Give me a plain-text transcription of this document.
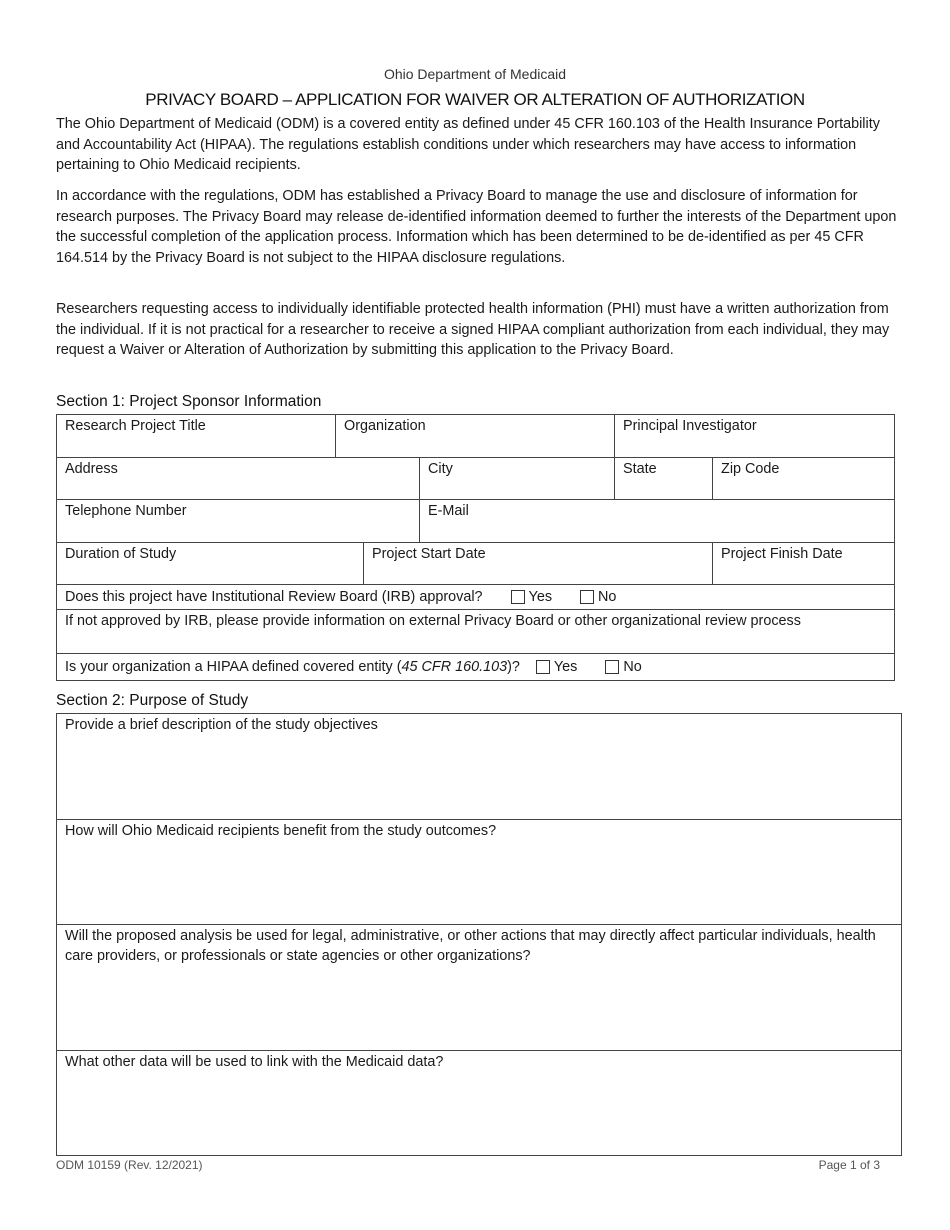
Ohio Department of Medicaid
PRIVACY BOARD – APPLICATION FOR WAIVER OR ALTERATION OF AUTHORIZATION

The Ohio Department of Medicaid (ODM) is a covered entity as defined under 45 CFR 160.103 of the Health Insurance Portability and Accountability Act (HIPAA). The regulations establish conditions under which researchers may have access to information pertaining to Ohio Medicaid recipients.

In accordance with the regulations, ODM has established a Privacy Board to manage the use and disclosure of information for research purposes. The Privacy Board may release de-identified information deemed to further the interests of the Department upon the successful completion of the application process. Information which has been determined to be de-identified as per 45 CFR 164.514 by the Privacy Board is not subject to the HIPAA disclosure regulations.

Researchers requesting access to individually identifiable protected health information (PHI) must have a written authorization from the individual. If it is not practical for a researcher to receive a signed HIPAA compliant authorization from each individual, they may request a Waiver or Alteration of Authorization by submitting this application to the Privacy Board.

Section 1: Project Sponsor Information
Research Project Title	Organization			Principal Investigator	
Address			City	State	Zip Code
Telephone Number			E-Mail		
Duration of Study		Project Start Date			Project Finish Date

Does this project have Institutional Review Board (IRB) approval? Yes No					

If not approved by IRB, please provide information on external Privacy Board or other organizational review process					

Is your organization a HIPAA defined covered entity (45 CFR 160.103)? Yes No					
Section 2: Purpose of Study
Provide a brief description of the study objectives
How will Ohio Medicaid recipients benefit from the study outcomes?
Will the proposed analysis be used for legal, administrative, or other actions that may directly affect particular individuals, health care providers, or professionals or state agencies or other organizations?
What other data will be used to link with the Medicaid data?
ODM 10159 (Rev. 12/2021)	Page 1 of 3
